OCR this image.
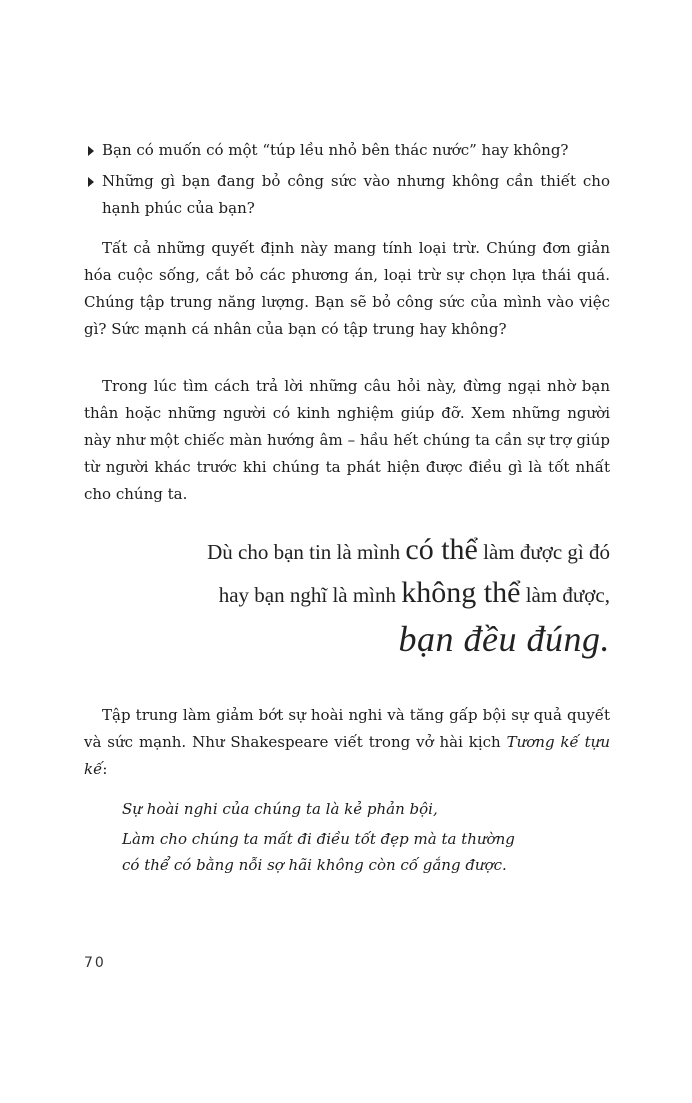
Bạn có muốn có một “túp lều nhỏ bên thác nước” hay không?
Những gì bạn đang bỏ công sức vào nhưng không cần thiết cho hạnh phúc của bạn?

Tất cả những quyết định này mang tính loại trừ. Chúng đơn giản hóa cuộc sống, cắt bỏ các phương án, loại trừ sự chọn lựa thái quá. Chúng tập trung năng lượng. Bạn sẽ bỏ công sức của mình vào việc gì? Sức mạnh cá nhân của bạn có tập trung hay không?

Trong lúc tìm cách trả lời những câu hỏi này, đừng ngại nhờ bạn thân hoặc những người có kinh nghiệm giúp đỡ. Xem những người này như một chiếc màn hướng âm – hầu hết chúng ta cần sự trợ giúp từ người khác trước khi chúng ta phát hiện được điều gì là tốt nhất cho chúng ta.

Dù cho bạn tin là mình có thể làm được gì đó
hay bạn nghĩ là mình không thể làm được,
bạn đều đúng.

Tập trung làm giảm bớt sự hoài nghi và tăng gấp bội sự quả quyết và sức mạnh. Như Shakespeare viết trong vở hài kịch Tương kế tựu kế:

Sự hoài nghi của chúng ta là kẻ phản bội,
Làm cho chúng ta mất đi điều tốt đẹp mà ta thường
có thể có bằng nỗi sợ hãi không còn cố gắng được.
70
